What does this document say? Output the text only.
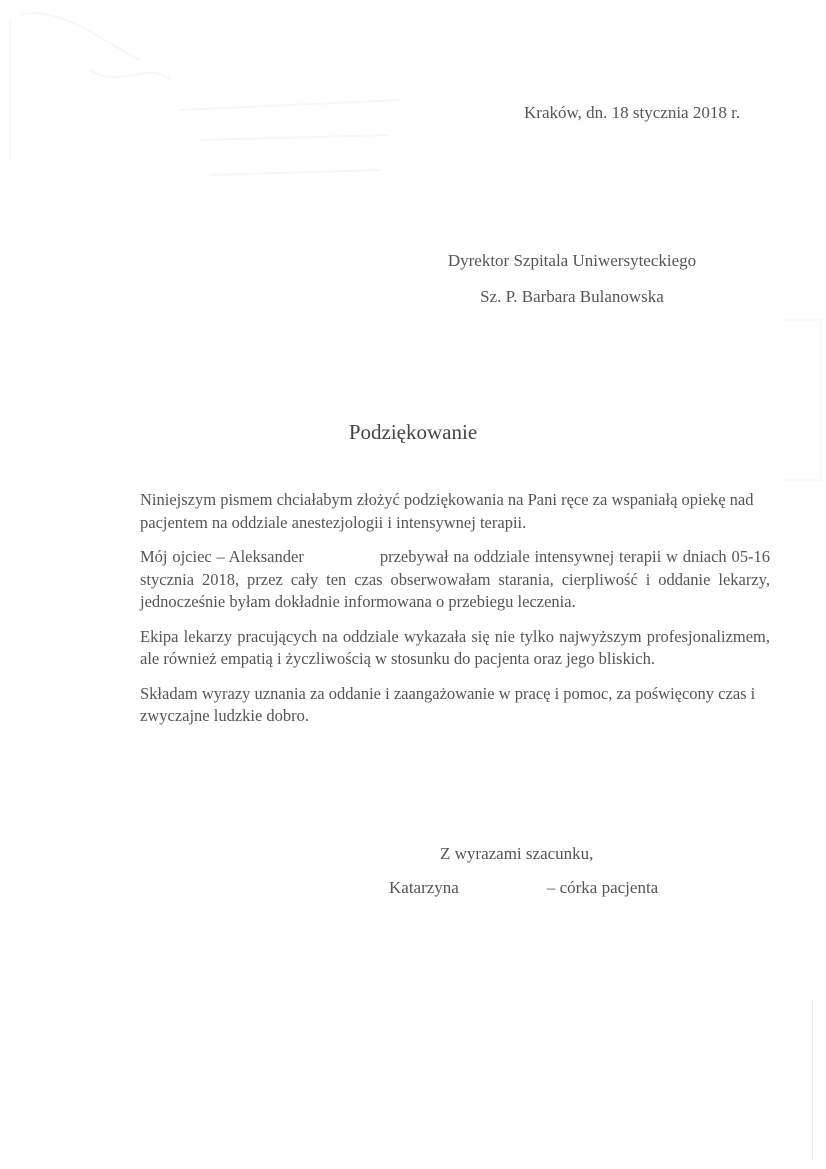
Kraków, dn. 18 stycznia 2018 r.
Dyrektor Szpitala Uniwersyteckiego
Sz. P. Barbara Bulanowska
Podziękowanie

Niniejszym pismem chciałabym złożyć podziękowania na Pani ręce za wspaniałą opiekę nad pacjentem na oddziale anestezjologii i intensywnej terapii.

Mój ojciec – Aleksander	przebywał na oddziale intensywnej terapii w dniach 05-16 stycznia 2018, przez cały ten czas obserwowałam starania, cierpliwość i oddanie lekarzy, jednocześnie byłam dokładnie informowana o przebiegu leczenia.

Ekipa lekarzy pracujących na oddziale wykazała się nie tylko najwyższym profesjonalizmem, ale również empatią i życzliwością w stosunku do pacjenta oraz jego bliskich.

Składam wyrazy uznania za oddanie i zaangażowanie w pracę i pomoc, za poświęcony czas i zwyczajne ludzkie dobro.

Z wyrazami szacunku,
Katarzyna	– córka pacjenta
